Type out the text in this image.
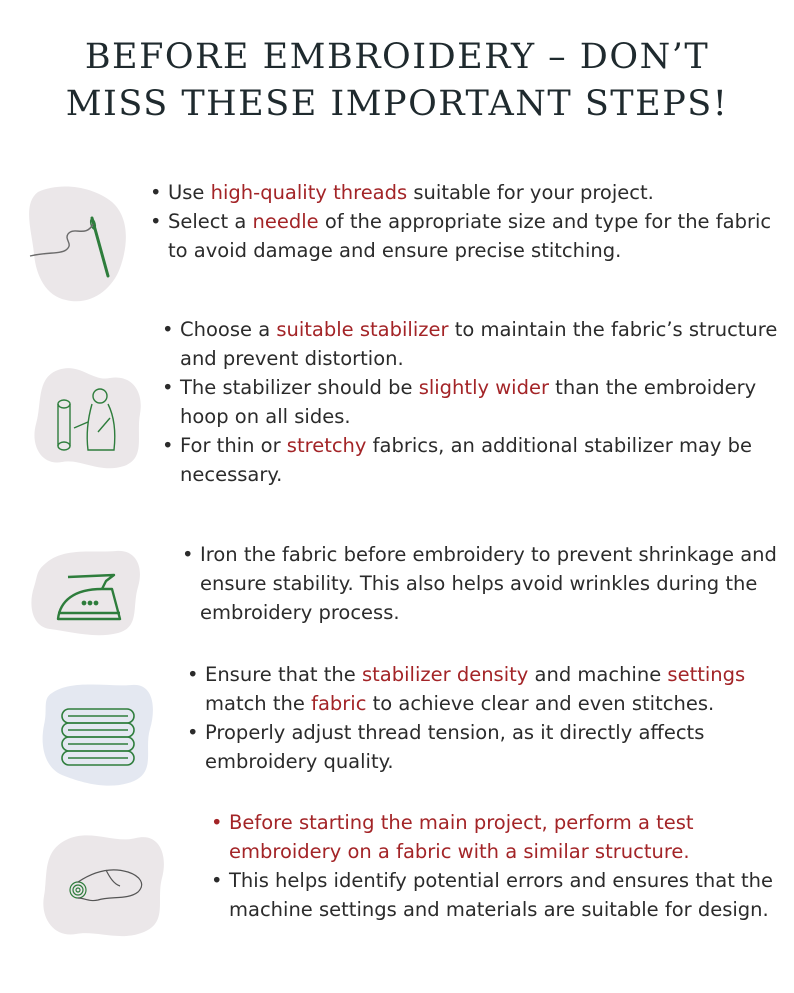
BEFORE EMBROIDERY – DON’T MISS THESE IMPORTANT STEPS!
• Use high-quality threads suitable for your project.
• Select a needle of the appropriate size and type for the fabric to avoid damage and ensure precise stitching.
• Choose a suitable stabilizer to maintain the fabric’s structure and prevent distortion.
• The stabilizer should be slightly wider than the embroidery hoop on all sides.
• For thin or stretchy fabrics, an additional stabilizer may be necessary.
• Iron the fabric before embroidery to prevent shrinkage and ensure stability. This also helps avoid wrinkles during the embroidery process.
• Ensure that the stabilizer density and machine settings match the fabric to achieve clear and even stitches.
• Properly adjust thread tension, as it directly affects embroidery quality.
• Before starting the main project, perform a test embroidery on a fabric with a similar structure.
• This helps identify potential errors and ensures that the machine settings and materials are suitable for design.
